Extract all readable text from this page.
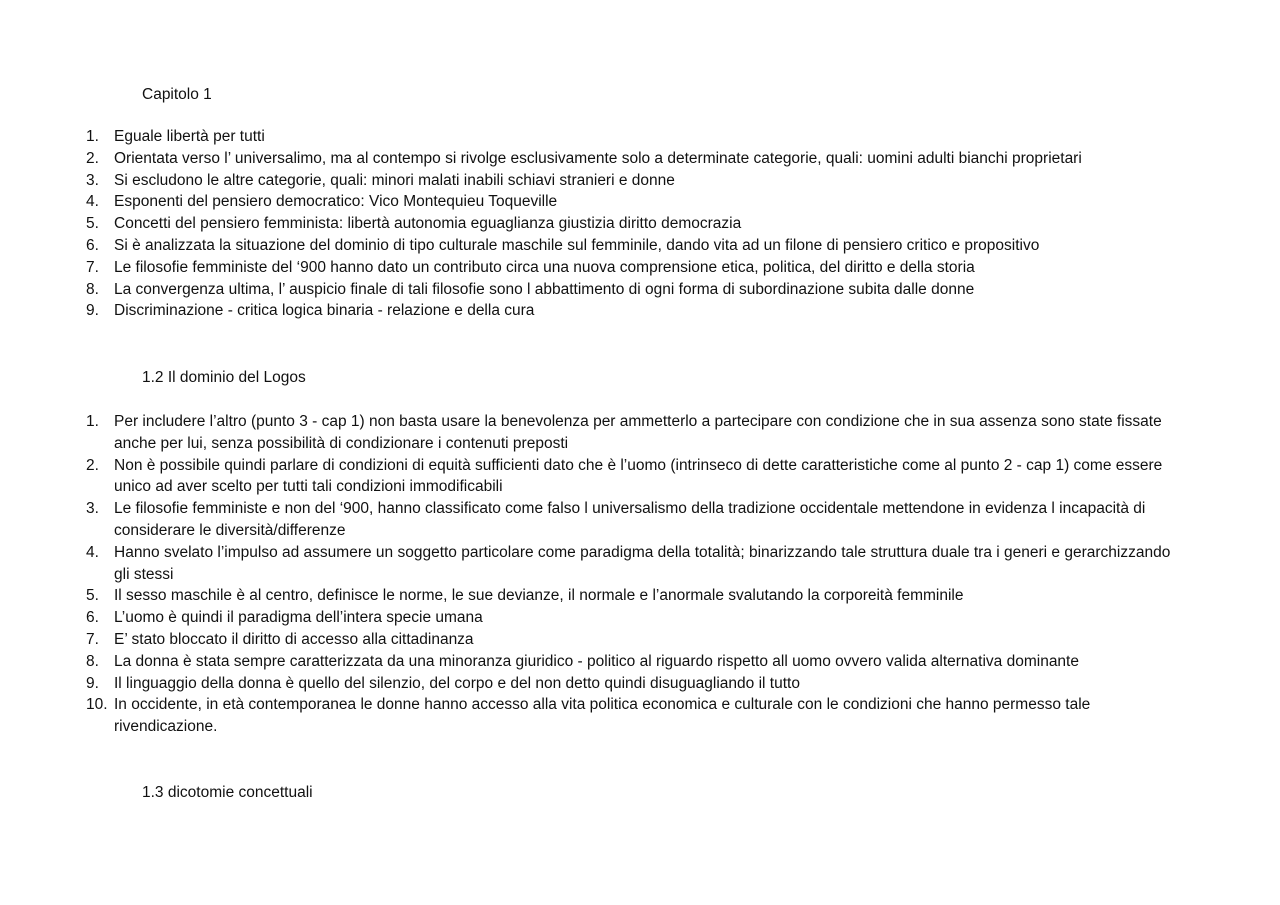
Capitolo 1
1. Eguale libertà per tutti
2. Orientata verso l’ universalimo, ma al contempo si rivolge esclusivamente solo a determinate categorie, quali: uomini adulti bianchi proprietari
3. Si escludono le altre categorie, quali: minori malati inabili schiavi stranieri e donne
4. Esponenti del pensiero democratico: Vico Montequieu Toqueville
5. Concetti del pensiero femminista: libertà autonomia eguaglianza giustizia diritto democrazia
6. Si è analizzata la situazione del dominio di tipo culturale maschile sul femminile, dando vita ad un filone di pensiero critico e propositivo
7. Le filosofie femministe del ‘900 hanno dato un contributo circa una nuova comprensione etica, politica, del diritto e della storia
8. La convergenza ultima, l’ auspicio finale di tali filosofie sono l abbattimento di ogni forma di subordinazione subita dalle donne
9. Discriminazione - critica logica binaria - relazione e della cura
1.2 Il dominio del Logos
1. Per includere l’altro (punto 3 - cap 1) non basta usare la benevolenza per ammetterlo a partecipare con condizione che in sua assenza sono state fissate anche per lui, senza possibilità di condizionare i contenuti preposti
2. Non è possibile quindi parlare di condizioni di equità sufficienti dato che è l’uomo (intrinseco di dette caratteristiche come al punto 2 - cap 1) come essere unico ad aver scelto per tutti tali condizioni immodificabili
3. Le filosofie femministe e non del ‘900, hanno classificato come falso l universalismo della tradizione occidentale mettendone in evidenza l incapacità di considerare le diversità/differenze
4. Hanno svelato l’impulso ad assumere un soggetto particolare come paradigma della totalità; binarizzando tale struttura duale tra i generi e gerarchizzando gli stessi
5. Il sesso maschile è al centro, definisce le norme, le sue devianze, il normale e l’anormale svalutando la corporeità femminile
6. L’uomo è quindi il paradigma dell’intera specie umana
7. E’ stato bloccato il diritto di accesso alla cittadinanza
8. La donna è stata sempre caratterizzata da una minoranza giuridico - politico al riguardo rispetto all uomo ovvero valida alternativa dominante
9. Il linguaggio della donna è quello del silenzio, del corpo e del non detto quindi disuguagliando il tutto
10. In occidente, in età contemporanea le donne hanno accesso alla vita politica economica e culturale con le condizioni che hanno permesso tale rivendicazione.
1.3 dicotomie concettuali
